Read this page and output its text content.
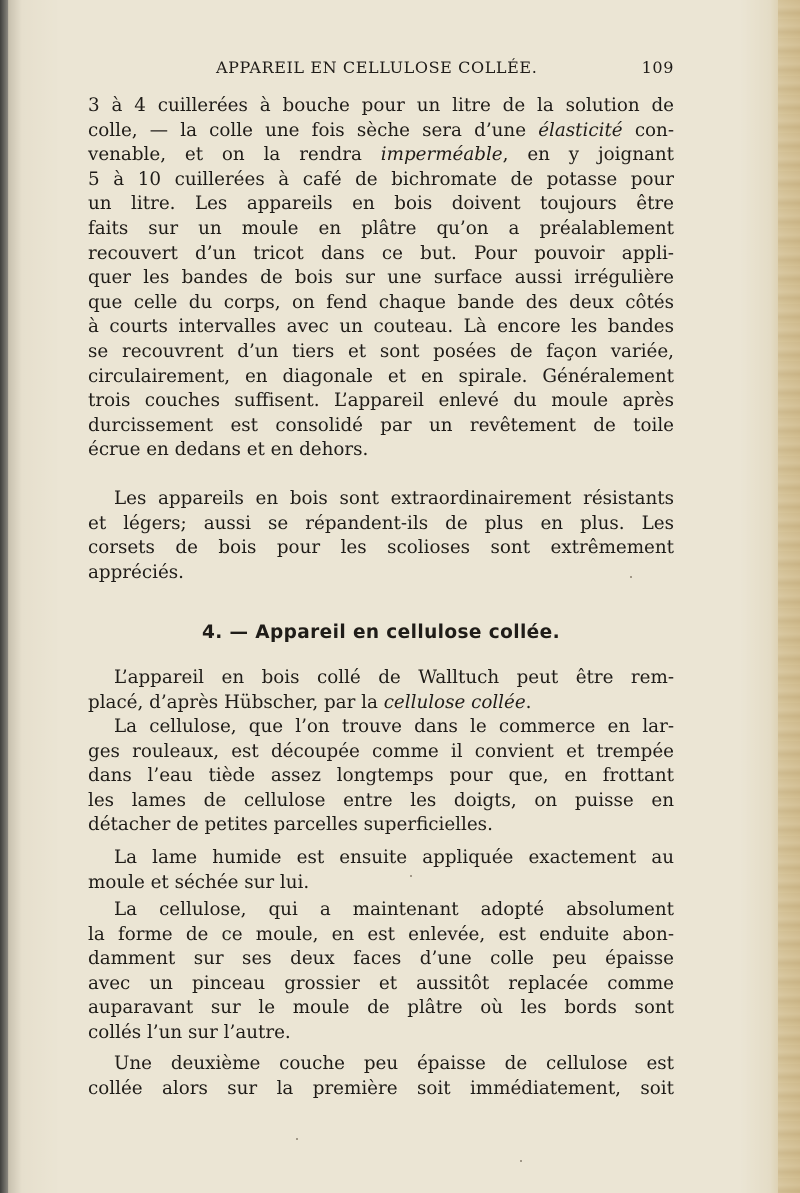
APPAREIL EN CELLULOSE COLLÉE.	109
3 à 4 cuillerées à bouche pour un litre de la solution de
colle, — la colle une fois sèche sera d’une élasticité con-
venable, et on la rendra imperméable, en y joignant
5 à 10 cuillerées à café de bichromate de potasse pour
un litre. Les appareils en bois doivent toujours être
faits sur un moule en plâtre qu’on a préalablement
recouvert d’un tricot dans ce but. Pour pouvoir appli-
quer les bandes de bois sur une surface aussi irrégulière
que celle du corps, on fend chaque bande des deux côtés
à courts intervalles avec un couteau. Là encore les bandes
se recouvrent d’un tiers et sont posées de façon variée,
circulairement, en diagonale et en spirale. Généralement
trois couches suffisent. L’appareil enlevé du moule après
durcissement est consolidé par un revêtement de toile
écrue en dedans et en dehors.
Les appareils en bois sont extraordinairement résistants
et légers; aussi se répandent-ils de plus en plus. Les
corsets de bois pour les scolioses sont extrêmement
appréciés.
4. — Appareil en cellulose collée.
L’appareil en bois collé de Walltuch peut être rem-
placé, d’après Hübscher, par la cellulose collée.
La cellulose, que l’on trouve dans le commerce en lar-
ges rouleaux, est découpée comme il convient et trempée
dans l’eau tiède assez longtemps pour que, en frottant
les lames de cellulose entre les doigts, on puisse en
détacher de petites parcelles superficielles.
La lame humide est ensuite appliquée exactement au
moule et séchée sur lui.
La cellulose, qui a maintenant adopté absolument
la forme de ce moule, en est enlevée, est enduite abon-
damment sur ses deux faces d’une colle peu épaisse
avec un pinceau grossier et aussitôt replacée comme
auparavant sur le moule de plâtre où les bords sont
collés l’un sur l’autre.
Une deuxième couche peu épaisse de cellulose est
collée alors sur la première soit immédiatement, soit
